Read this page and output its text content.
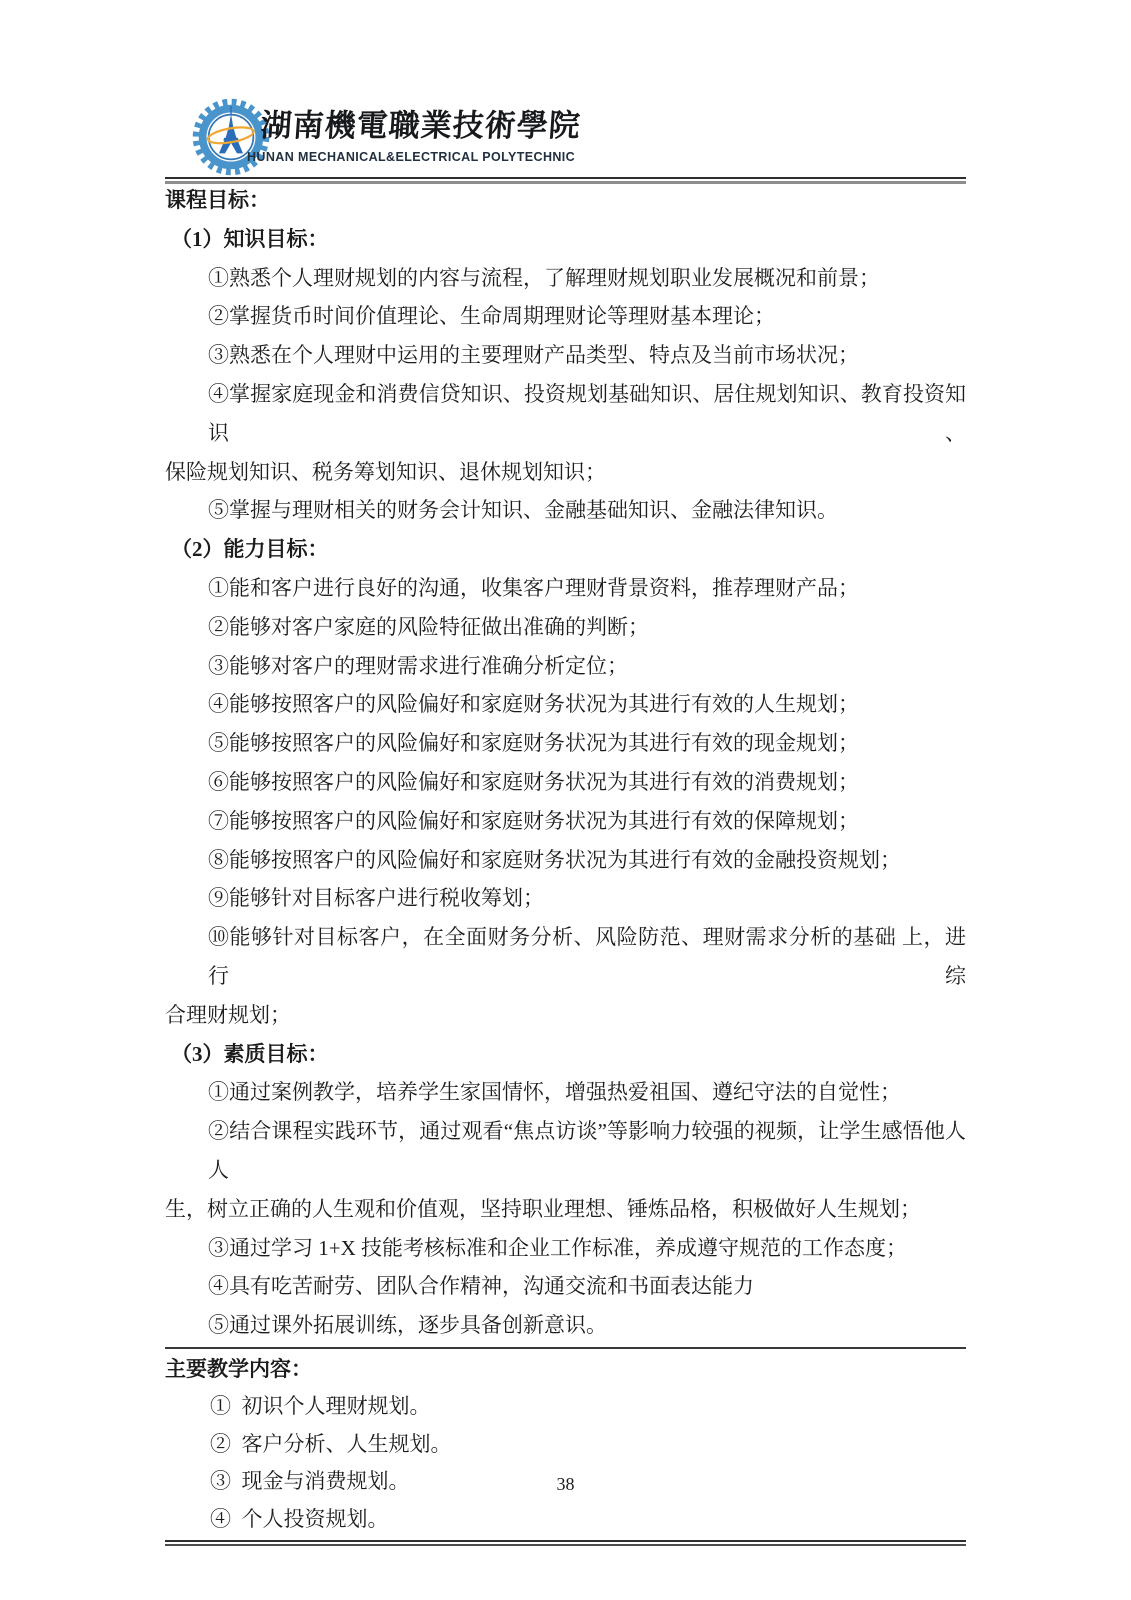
湖南機電職業技術學院
HUNAN MECHANICAL&ELECTRICAL POLYTECHNIC
课程目标：
（1）知识目标：
①熟悉个人理财规划的内容与流程，了解理财规划职业发展概况和前景；
②掌握货币时间价值理论、生命周期理财论等理财基本理论；
③熟悉在个人理财中运用的主要理财产品类型、特点及当前市场状况；
④掌握家庭现金和消费信贷知识、投资规划基础知识、居住规划知识、教育投资知识、
保险规划知识、税务筹划知识、退休规划知识；
⑤掌握与理财相关的财务会计知识、金融基础知识、金融法律知识。
（2）能力目标：
①能和客户进行良好的沟通，收集客户理财背景资料，推荐理财产品；
②能够对客户家庭的风险特征做出准确的判断；
③能够对客户的理财需求进行准确分析定位；
④能够按照客户的风险偏好和家庭财务状况为其进行有效的人生规划；
⑤能够按照客户的风险偏好和家庭财务状况为其进行有效的现金规划；
⑥能够按照客户的风险偏好和家庭财务状况为其进行有效的消费规划；
⑦能够按照客户的风险偏好和家庭财务状况为其进行有效的保障规划；
⑧能够按照客户的风险偏好和家庭财务状况为其进行有效的金融投资规划；
⑨能够针对目标客户进行税收筹划；
⑩能够针对目标客户，在全面财务分析、风险防范、理财需求分析的基础 上，进行综
合理财规划；
（3）素质目标：
①通过案例教学，培养学生家国情怀，增强热爱祖国、遵纪守法的自觉性；
②结合课程实践环节，通过观看“焦点访谈”等影响力较强的视频，让学生感悟他人人
生，树立正确的人生观和价值观，坚持职业理想、锤炼品格，积极做好人生规划；
③通过学习 1+X 技能考核标准和企业工作标准，养成遵守规范的工作态度；
④具有吃苦耐劳、团队合作精神，沟通交流和书面表达能力
⑤通过课外拓展训练，逐步具备创新意识。
主要教学内容：
①  初识个人理财规划。
②  客户分析、人生规划。
③  现金与消费规划。
④  个人投资规划。
38
